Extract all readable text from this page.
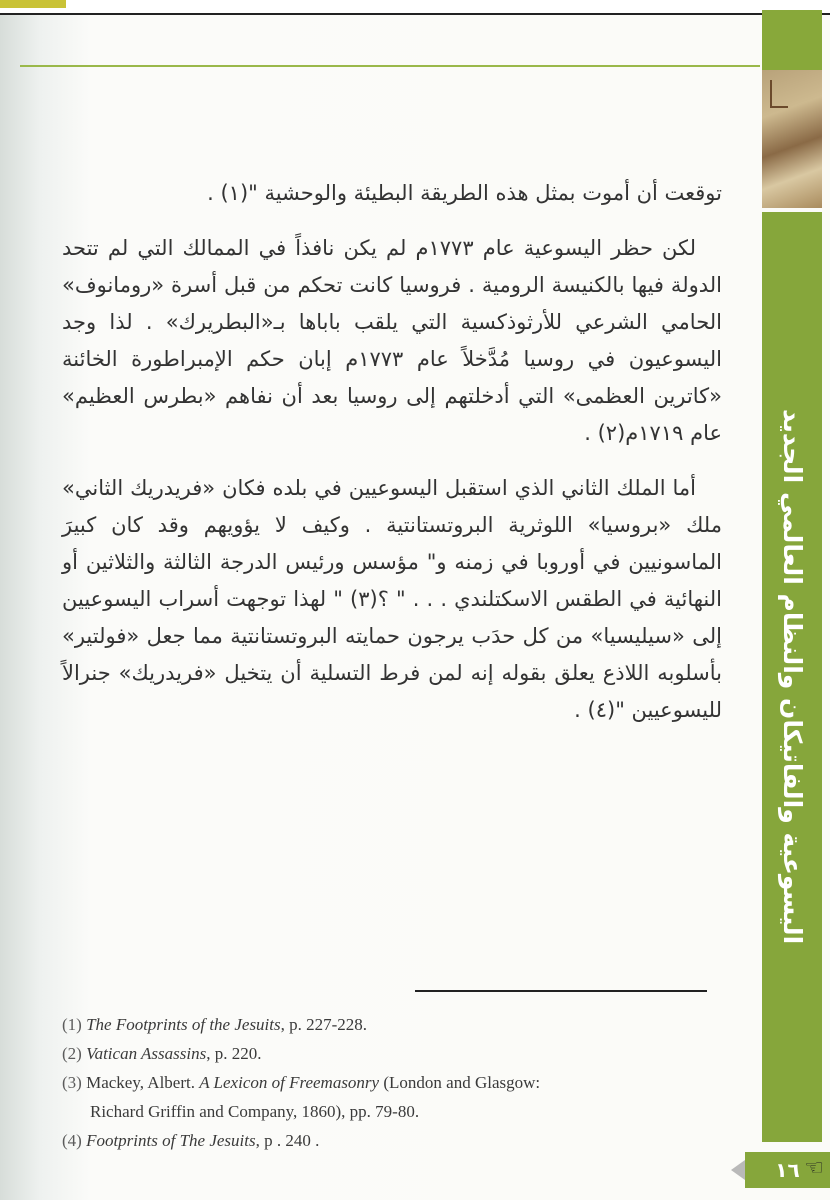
اليسوعية والفاتيكان والنظام العالمي الجديد

توقعت أن أموت بمثل هذه الطريقة البطيئة والوحشية "(١) .

لكن حظر اليسوعية عام ١٧٧٣م لم يكن نافذاً في الممالك التي لم تتحد الدولة فيها بالكنيسة الرومية . فروسيا كانت تحكم من قبل أسرة «رومانوف» الحامي الشرعي للأرثوذكسية التي يلقب باباها بـ«البطريرك» . لذا وجد اليسوعيون في روسيا مُدَّخلاً عام ١٧٧٣م إبان حكم الإمبراطورة الخائنة «كاترين العظمى» التي أدخلتهم إلى روسيا بعد أن نفاهم «بطرس العظيم» عام ١٧١٩م(٢) .

أما الملك الثاني الذي استقبل اليسوعيين في بلده فكان «فريدريك الثاني» ملك «بروسيا» اللوثرية البروتستانتية . وكيف لا يؤويهم وقد كان كبيرَ الماسونيين في أوروبا في زمنه و" مؤسس ورئيس الدرجة الثالثة والثلاثين أو النهائية في الطقس الاسكتلندي . . . " ؟(٣) " لهذا توجهت أسراب اليسوعيين إلى «سيليسيا» من كل حدَب يرجون حمايته البروتستانتية مما جعل «فولتير» بأسلوبه اللاذع يعلق بقوله إنه لمن فرط التسلية أن يتخيل «فريدريك» جنرالاً لليسوعيين "(٤) .

(1) The Footprints of the Jesuits, p. 227-228.

(2) Vatican Assassins, p. 220.

(3) Mackey, Albert. A Lexicon of Freemasonry (London and Glasgow:

Richard Griffin and Company, 1860), pp. 79-80.

(4) Footprints of The Jesuits, p . 240 .

١٦ ☜
